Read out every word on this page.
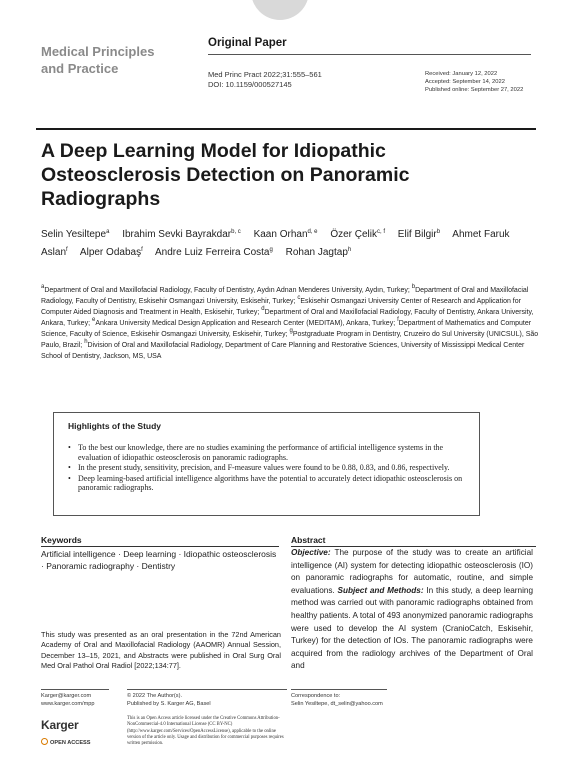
Medical Principles
and Practice
Original Paper
Med Princ Pract 2022;31:555–561
DOI: 10.1159/000527145
Received: January 12, 2022
Accepted: September 14, 2022
Published online: September 27, 2022
A Deep Learning Model for Idiopathic Osteosclerosis Detection on Panoramic Radiographs
Selin Yesiltepe$^a$ Ibrahim Sevki Bayrakdar$^{b, c}$ Kaan Orhan$^{d, e}$ Özer Çelik$^{c, f}$ Elif Bilgir$^b$ Ahmet Faruk Aslan$^f$ Alper Odabaş$^f$ Andre Luiz Ferreira Costa$^g$ Rohan Jagtap$^h$
$^a$Department of Oral and Maxillofacial Radiology, Faculty of Dentistry, Aydın Adnan Menderes University, Aydın, Turkey; $^b$Department of Oral and Maxillofacial Radiology, Faculty of Dentistry, Eskisehir Osmangazi University, Eskisehir, Turkey; $^c$Eskisehir Osmangazi University Center of Research and Application for Computer Aided Diagnosis and Treatment in Health, Eskisehir, Turkey; $^d$Department of Oral and Maxillofacial Radiology, Faculty of Dentistry, Ankara University, Ankara, Turkey; $^e$Ankara University Medical Design Application and Research Center (MEDITAM), Ankara, Turkey; $^f$Department of Mathematics and Computer Science, Faculty of Science, Eskisehir Osmangazi University, Eskisehir, Turkey; $^g$Postgraduate Program in Dentistry, Cruzeiro do Sul University (UNICSUL), São Paulo, Brazil; $^h$Division of Oral and Maxillofacial Radiology, Department of Care Planning and Restorative Sciences, University of Mississippi Medical Center School of Dentistry, Jackson, MS, USA
Highlights of the Study
• To the best our knowledge, there are no studies examining the performance of artificial intelligence systems in the evaluation of idiopathic osteosclerosis on panoramic radiographs.
• In the present study, sensitivity, precision, and F-measure values were found to be 0.88, 0.83, and 0.86, respectively.
• Deep learning-based artificial intelligence algorithms have the potential to accurately detect idiopathic osteosclerosis on panoramic radiographs.
Keywords
Artificial intelligence · Deep learning · Idiopathic osteosclerosis · Panoramic radiography · Dentistry
This study was presented as an oral presentation in the 72nd American Academy of Oral and Maxillofacial Radiology (AAOMR) Annual Session, December 13–15, 2021, and Abstracts were published in Oral Surg Oral Med Oral Pathol Oral Radiol [2022;134:77].
Abstract
Objective: The purpose of the study was to create an artificial intelligence (AI) system for detecting idiopathic osteosclerosis (IO) on panoramic radiographs for automatic, routine, and simple evaluations. Subject and Methods: In this study, a deep learning method was carried out with panoramic radiographs obtained from healthy patients. A total of 493 anonymized panoramic radiographs were used to develop the AI system (CranioCatch, Eskisehir, Turkey) for the detection of IOs. The panoramic radiographs were acquired from the radiology archives of the Department of Oral and
Karger@karger.com
www.karger.com/mpp
Karger
OPEN ACCESS
© 2022 The Author(s).
Published by S. Karger AG, Basel
This is an Open Access article licensed under the Creative Commons Attribution-NonCommercial-4.0 International License (CC BY-NC) (http://www.karger.com/Services/OpenAccessLicense), applicable to the online version of the article only. Usage and distribution for commercial purposes requires written permission.
Correspondence to:
Selin Yesiltepe, dt_selin@yahoo.com
